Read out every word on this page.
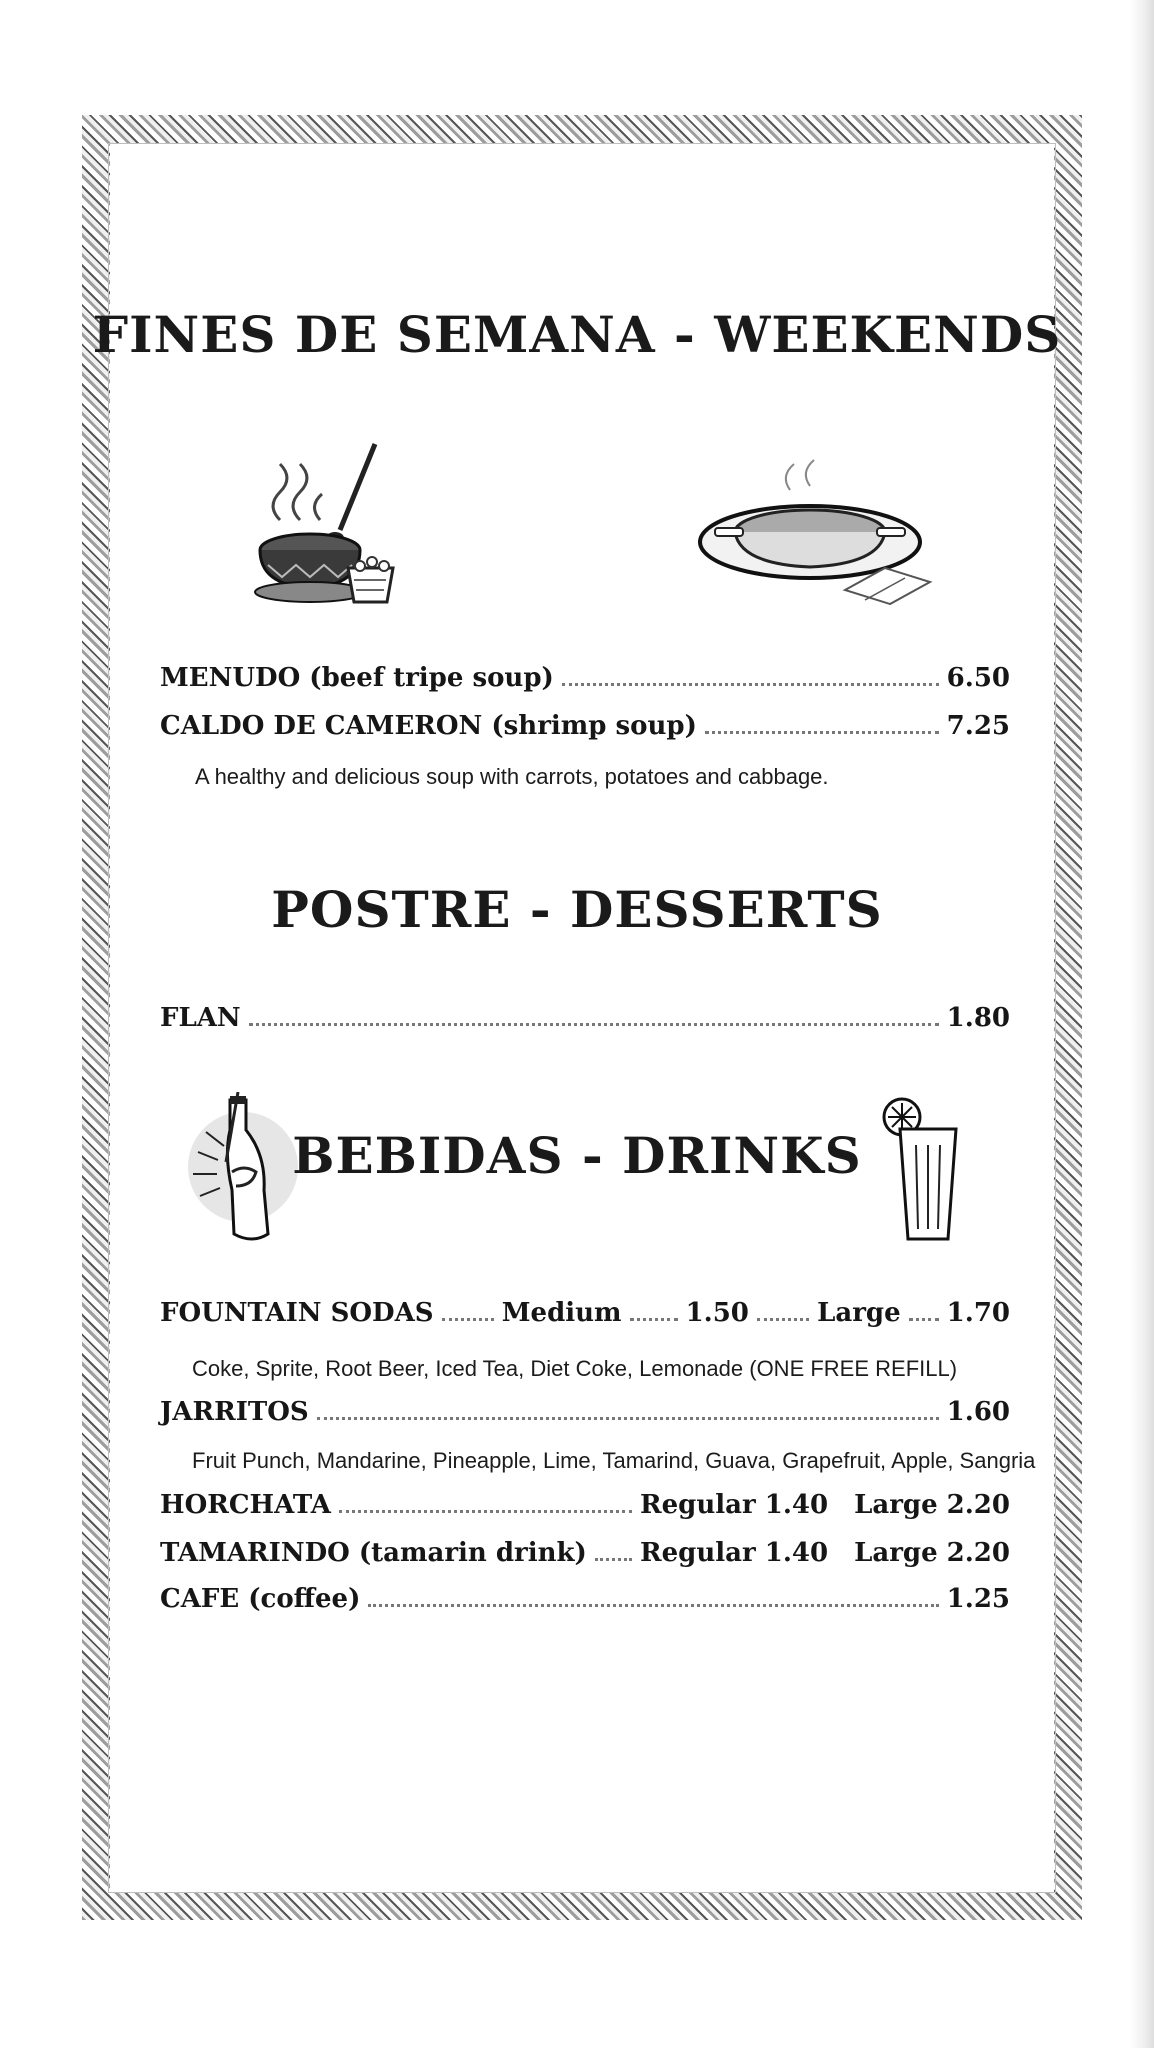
FINES DE SEMANA - WEEKENDS
MENUDO (beef tripe soup)	6.50
CALDO DE CAMERON (shrimp soup)	7.25
A healthy and delicious soup with carrots, potatoes and cabbage.
POSTRE - DESSERTS
FLAN	1.80
BEBIDAS - DRINKS
FOUNTAIN SODAS	Medium 1.50	Large 1.70
Coke, Sprite, Root Beer, Iced Tea, Diet Coke, Lemonade (ONE FREE REFILL)
JARRITOS	1.60
Fruit Punch, Mandarine, Pineapple, Lime, Tamarind, Guava, Grapefruit, Apple, Sangria
HORCHATA	Regular 1.40 Large 2.20
TAMARINDO (tamarin drink) Regular 1.40 Large 2.20
CAFE (coffee)	1.25
